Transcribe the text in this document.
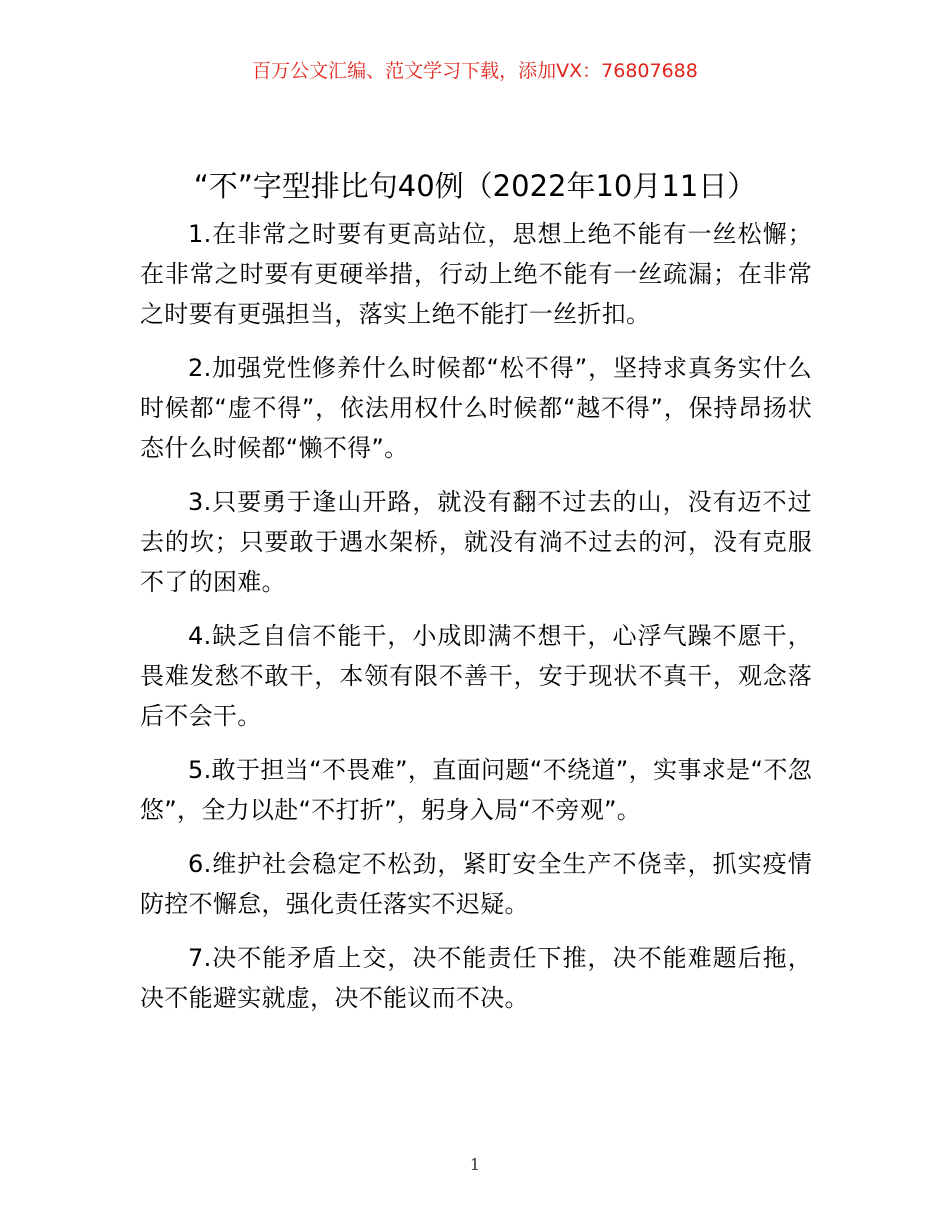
百万公文汇编、范文学习下载，添加VX：76807688
“不”字型排比句40例（2022年10月11日）

1.在非常之时要有更高站位，思想上绝不能有一丝松懈；在非常之时要有更硬举措，行动上绝不能有一丝疏漏；在非常之时要有更强担当，落实上绝不能打一丝折扣。

2.加强党性修养什么时候都“松不得”，坚持求真务实什么时候都“虚不得”，依法用权什么时候都“越不得”，保持昂扬状态什么时候都“懒不得”。

3.只要勇于逢山开路，就没有翻不过去的山，没有迈不过去的坎；只要敢于遇水架桥，就没有淌不过去的河，没有克服不了的困难。

4.缺乏自信不能干，小成即满不想干，心浮气躁不愿干，畏难发愁不敢干，本领有限不善干，安于现状不真干，观念落后不会干。

5.敢于担当“不畏难”，直面问题“不绕道”，实事求是“不忽悠”，全力以赴“不打折”，躬身入局“不旁观”。

6.维护社会稳定不松劲，紧盯安全生产不侥幸，抓实疫情防控不懈怠，强化责任落实不迟疑。

7.决不能矛盾上交，决不能责任下推，决不能难题后拖，决不能避实就虚，决不能议而不决。

1
